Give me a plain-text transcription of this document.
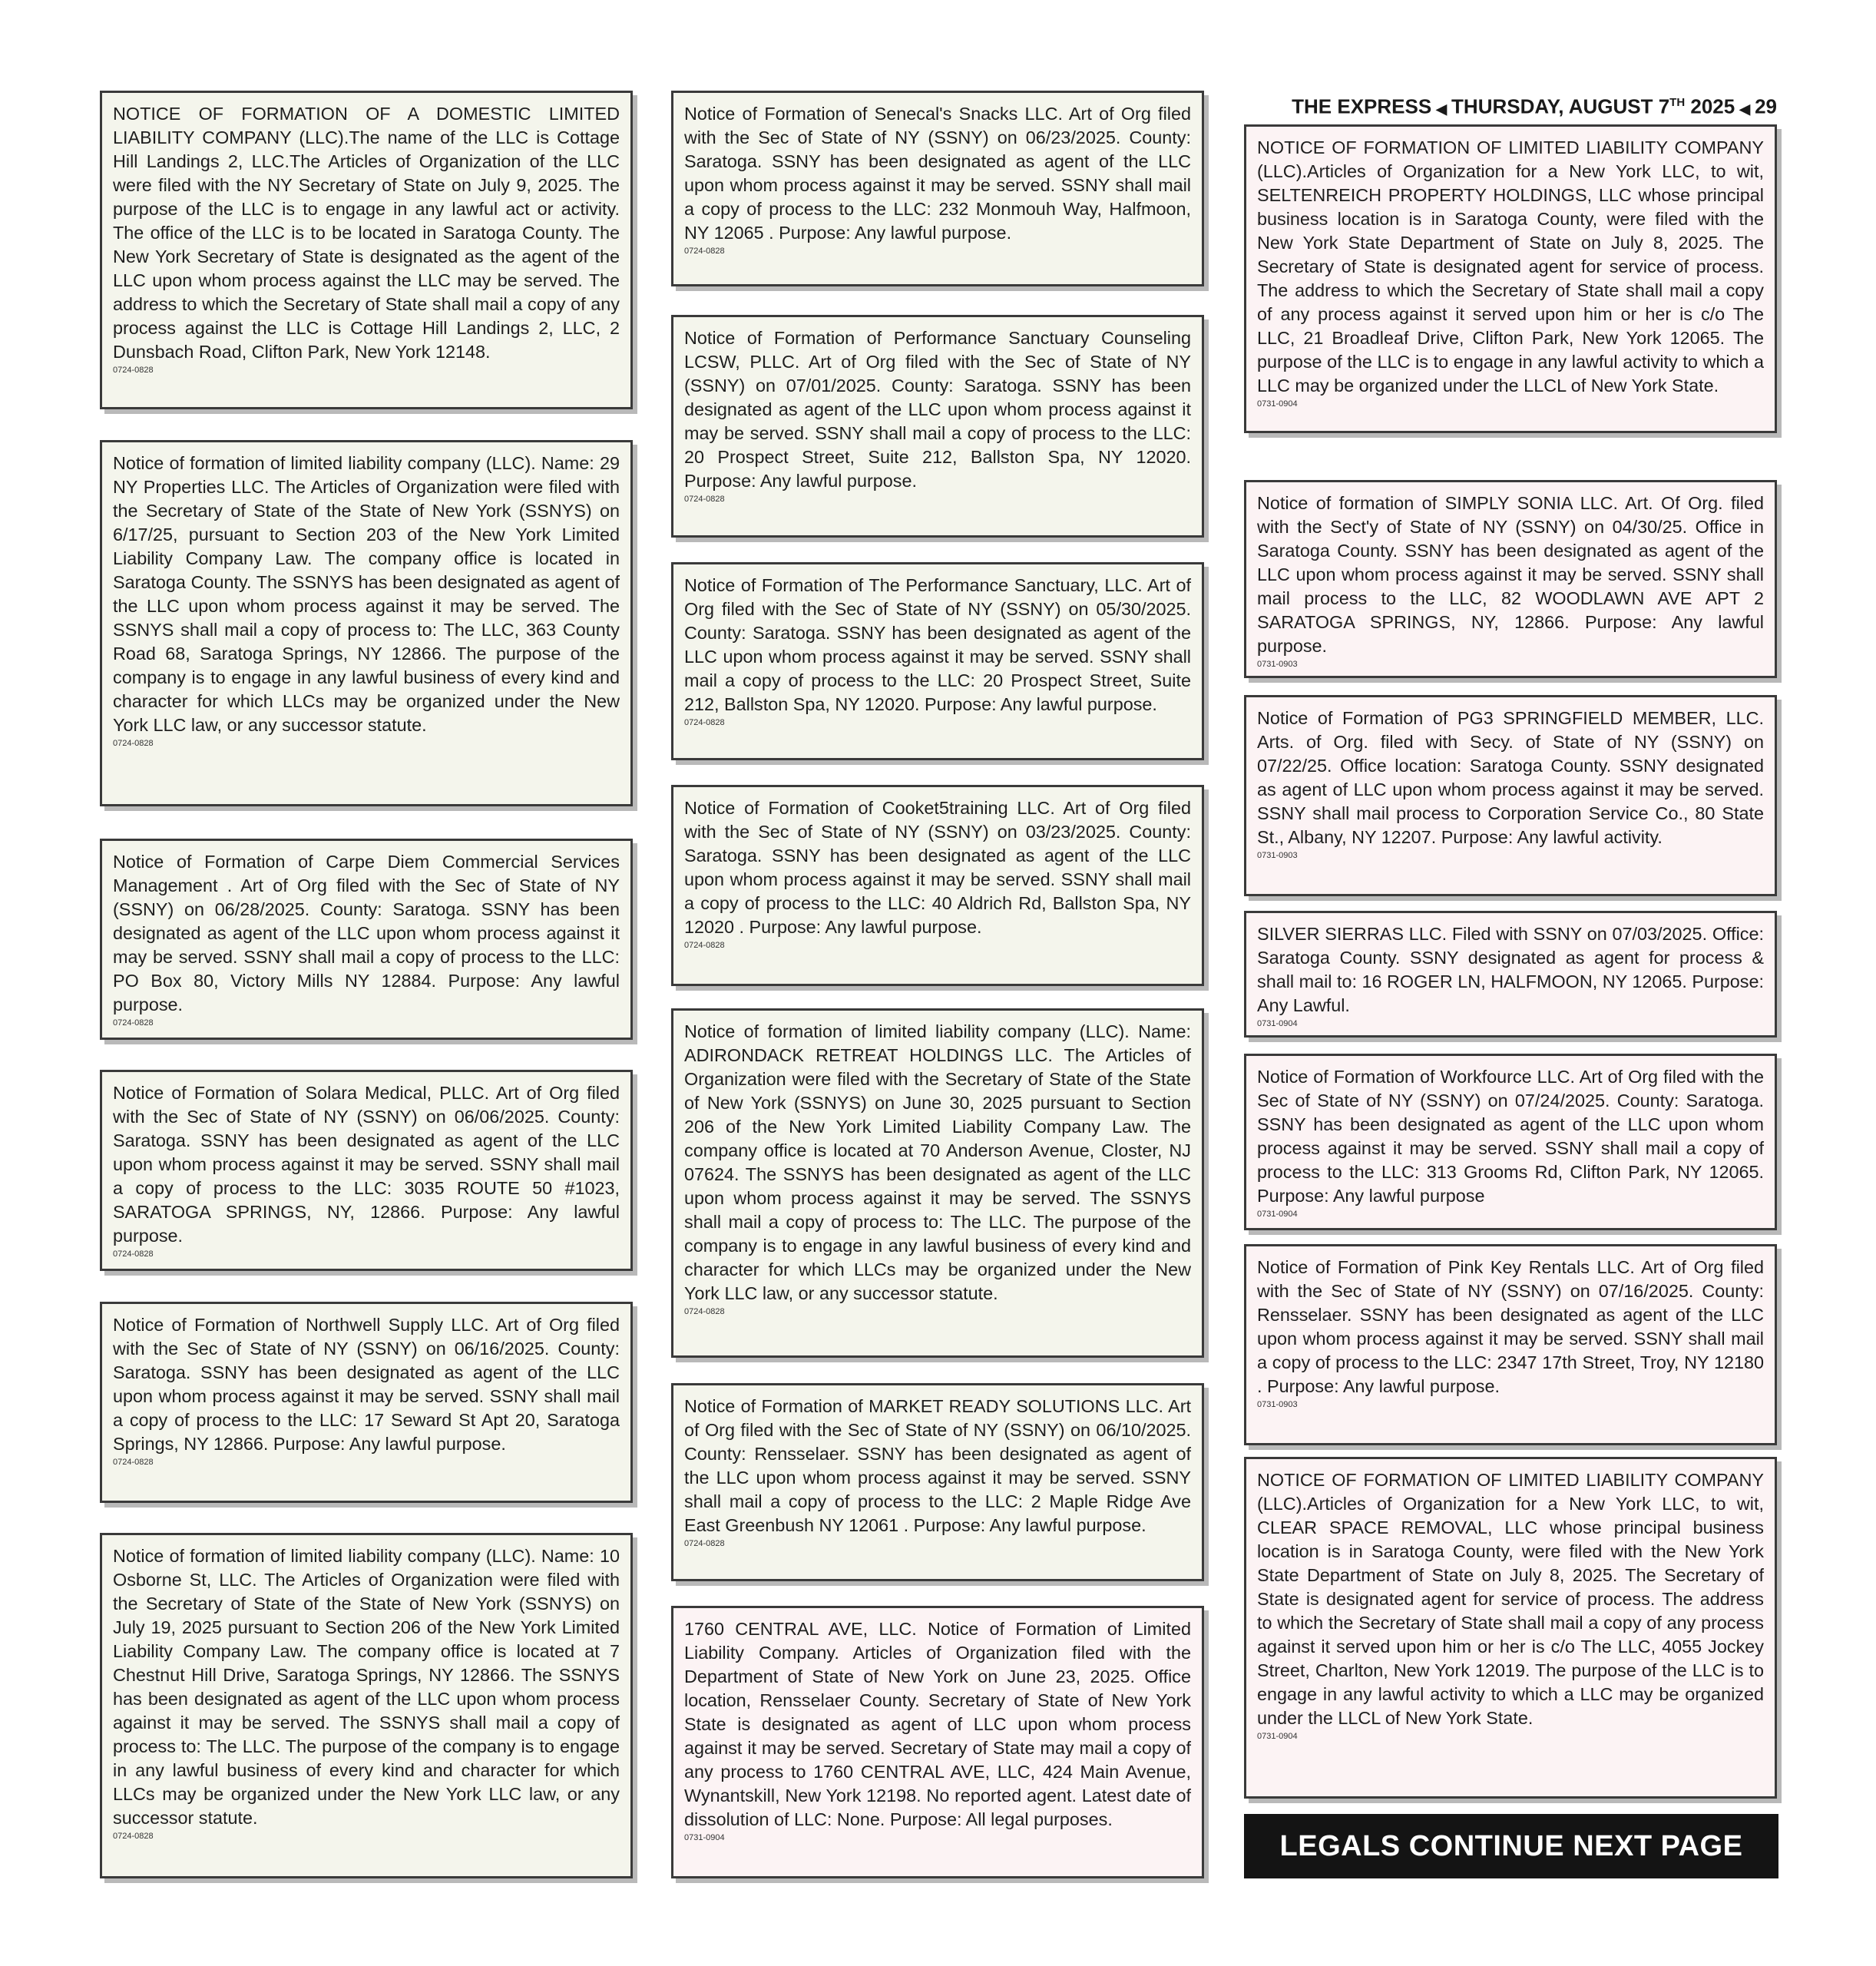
NOTICE OF FORMATION OF A DOMESTIC LIMITED LIABILITY COMPANY (LLC).The name of the LLC is Cottage Hill Landings 2, LLC.The Articles of Organization of the LLC were filed with the NY Secretary of State on July 9, 2025. The purpose of the LLC is to engage in any lawful act or activity. The office of the LLC is to be located in Saratoga County. The New York Secretary of State is designated as the agent of the LLC upon whom process against the LLC may be served. The address to which the Secretary of State shall mail a copy of any process against the LLC is Cottage Hill Landings 2, LLC, 2 Dunsbach Road, Clifton Park, New York 12148.

0724-0828

Notice of formation of limited liability company (LLC). Name: 29 NY Properties LLC. The Articles of Organization were filed with the Secretary of State of the State of New York (SSNYS) on 6/17/25, pursuant to Section 203 of the New York Limited Liability Company Law. The company office is located in Saratoga County. The SSNYS has been designated as agent of the LLC upon whom process against it may be served. The SSNYS shall mail a copy of process to: The LLC, 363 County Road 68, Saratoga Springs, NY 12866. The purpose of the company is to engage in any lawful business of every kind and character for which LLCs may be organized under the New York LLC law, or any successor statute.

0724-0828

Notice of Formation of Carpe Diem Commercial Services Management . Art of Org filed with the Sec of State of NY (SSNY) on 06/28/2025. County: Saratoga. SSNY has been designated as agent of the LLC upon whom process against it may be served. SSNY shall mail a copy of process to the LLC: PO Box 80, Victory Mills NY 12884. Purpose: Any lawful purpose.

0724-0828

Notice of Formation of Solara Medical, PLLC. Art of Org filed with the Sec of State of NY (SSNY) on 06/06/2025. County: Saratoga. SSNY has been designated as agent of the LLC upon whom process against it may be served. SSNY shall mail a copy of process to the LLC: 3035 ROUTE 50 #1023, SARATOGA SPRINGS, NY, 12866. Purpose: Any lawful purpose.

0724-0828

Notice of Formation of Northwell Supply LLC. Art of Org filed with the Sec of State of NY (SSNY) on 06/16/2025. County: Saratoga. SSNY has been designated as agent of the LLC upon whom process against it may be served. SSNY shall mail a copy of process to the LLC: 17 Seward St Apt 20, Saratoga Springs, NY 12866. Purpose: Any lawful purpose.

0724-0828

Notice of formation of limited liability company (LLC). Name: 10 Osborne St, LLC. The Articles of Organization were filed with the Secretary of State of the State of New York (SSNYS) on July 19, 2025 pursuant to Section 206 of the New York Limited Liability Company Law. The company office is located at 7 Chestnut Hill Drive, Saratoga Springs, NY 12866. The SSNYS has been designated as agent of the LLC upon whom process against it may be served. The SSNYS shall mail a copy of process to: The LLC. The purpose of the company is to engage in any lawful business of every kind and character for which LLCs may be organized under the New York LLC law, or any successor statute.

0724-0828

Notice of Formation of Senecal's Snacks LLC. Art of Org filed with the Sec of State of NY (SSNY) on 06/23/2025. County: Saratoga. SSNY has been designated as agent of the LLC upon whom process against it may be served. SSNY shall mail a copy of process to the LLC: 232 Monmouh Way, Halfmoon, NY 12065 . Purpose: Any lawful purpose.

0724-0828

Notice of Formation of Performance Sanctuary Counseling LCSW, PLLC. Art of Org filed with the Sec of State of NY (SSNY) on 07/01/2025. County: Saratoga. SSNY has been designated as agent of the LLC upon whom process against it may be served. SSNY shall mail a copy of process to the LLC: 20 Prospect Street, Suite 212, Ballston Spa, NY 12020. Purpose: Any lawful purpose.

0724-0828

Notice of Formation of The Performance Sanctuary, LLC. Art of Org filed with the Sec of State of NY (SSNY) on 05/30/2025. County: Saratoga. SSNY has been designated as agent of the LLC upon whom process against it may be served. SSNY shall mail a copy of process to the LLC: 20 Prospect Street, Suite 212, Ballston Spa, NY 12020. Purpose: Any lawful purpose.

0724-0828

Notice of Formation of Cooket5training LLC. Art of Org filed with the Sec of State of NY (SSNY) on 03/23/2025. County: Saratoga. SSNY has been designated as agent of the LLC upon whom process against it may be served. SSNY shall mail a copy of process to the LLC: 40 Aldrich Rd, Ballston Spa, NY 12020 . Purpose: Any lawful purpose.

0724-0828

Notice of formation of limited liability company (LLC). Name: ADIRONDACK RETREAT HOLDINGS LLC. The Articles of Organization were filed with the Secretary of State of the State of New York (SSNYS) on June 30, 2025 pursuant to Section 206 of the New York Limited Liability Company Law. The company office is located at 70 Anderson Avenue, Closter, NJ 07624. The SSNYS has been designated as agent of the LLC upon whom process against it may be served. The SSNYS shall mail a copy of process to: The LLC. The purpose of the company is to engage in any lawful business of every kind and character for which LLCs may be organized under the New York LLC law, or any successor statute.

0724-0828

Notice of Formation of MARKET READY SOLUTIONS LLC. Art of Org filed with the Sec of State of NY (SSNY) on 06/10/2025. County: Rensselaer. SSNY has been designated as agent of the LLC upon whom process against it may be served. SSNY shall mail a copy of process to the LLC: 2 Maple Ridge Ave East Greenbush NY 12061 . Purpose: Any lawful purpose.

0724-0828

1760 CENTRAL AVE, LLC. Notice of Formation of Limited Liability Company. Articles of Organization filed with the Department of State of New York on June 23, 2025. Office location, Rensselaer County. Secretary of State of New York State is designated as agent of LLC upon whom process against it may be served. Secretary of State may mail a copy of any process to 1760 CENTRAL AVE, LLC, 424 Main Avenue, Wynantskill, New York 12198. No reported agent. Latest date of dissolution of LLC: None. Purpose: All legal purposes.

0731-0904
THE EXPRESS ◀ THURSDAY, AUGUST 7TH 2025 ◀ 29

NOTICE OF FORMATION OF LIMITED LIABILITY COMPANY (LLC).Articles of Organization for a New York LLC, to wit, SELTENREICH PROPERTY HOLDINGS, LLC whose principal business location is in Saratoga County, were filed with the New York State Department of State on July 8, 2025. The Secretary of State is designated agent for service of process. The address to which the Secretary of State shall mail a copy of any process against it served upon him or her is c/o The LLC, 21 Broadleaf Drive, Clifton Park, New York 12065. The purpose of the LLC is to engage in any lawful activity to which a LLC may be organized under the LLCL of New York State.

0731-0904

Notice of formation of SIMPLY SONIA LLC. Art. Of Org. filed with the Sect'y of State of NY (SSNY) on 04/30/25. Office in Saratoga County. SSNY has been designated as agent of the LLC upon whom process against it may be served. SSNY shall mail process to the LLC, 82 WOODLAWN AVE APT 2 SARATOGA SPRINGS, NY, 12866. Purpose: Any lawful purpose.

0731-0903

Notice of Formation of PG3 SPRINGFIELD MEMBER, LLC. Arts. of Org. filed with Secy. of State of NY (SSNY) on 07/22/25. Office location: Saratoga County. SSNY designated as agent of LLC upon whom process against it may be served. SSNY shall mail process to Corporation Service Co., 80 State St., Albany, NY 12207. Purpose: Any lawful activity.

0731-0903

SILVER SIERRAS LLC. Filed with SSNY on 07/03/2025. Office: Saratoga County. SSNY designated as agent for process & shall mail to: 16 ROGER LN, HALFMOON, NY 12065. Purpose: Any Lawful.

0731-0904

Notice of Formation of Workfource LLC. Art of Org filed with the Sec of State of NY (SSNY) on 07/24/2025. County: Saratoga. SSNY has been designated as agent of the LLC upon whom process against it may be served. SSNY shall mail a copy of process to the LLC: 313 Grooms Rd, Clifton Park, NY 12065. Purpose: Any lawful purpose

0731-0904

Notice of Formation of Pink Key Rentals LLC. Art of Org filed with the Sec of State of NY (SSNY) on 07/16/2025. County: Rensselaer. SSNY has been designated as agent of the LLC upon whom process against it may be served. SSNY shall mail a copy of process to the LLC: 2347 17th Street, Troy, NY 12180 . Purpose: Any lawful purpose.

0731-0903

NOTICE OF FORMATION OF LIMITED LIABILITY COMPANY (LLC).Articles of Organization for a New York LLC, to wit, CLEAR SPACE REMOVAL, LLC whose principal business location is in Saratoga County, were filed with the New York State Department of State on July 8, 2025. The Secretary of State is designated agent for service of process. The address to which the Secretary of State shall mail a copy of any process against it served upon him or her is c/o The LLC, 4055 Jockey Street, Charlton, New York 12019. The purpose of the LLC is to engage in any lawful activity to which a LLC may be organized under the LLCL of New York State.

0731-0904
LEGALS CONTINUE NEXT PAGE
